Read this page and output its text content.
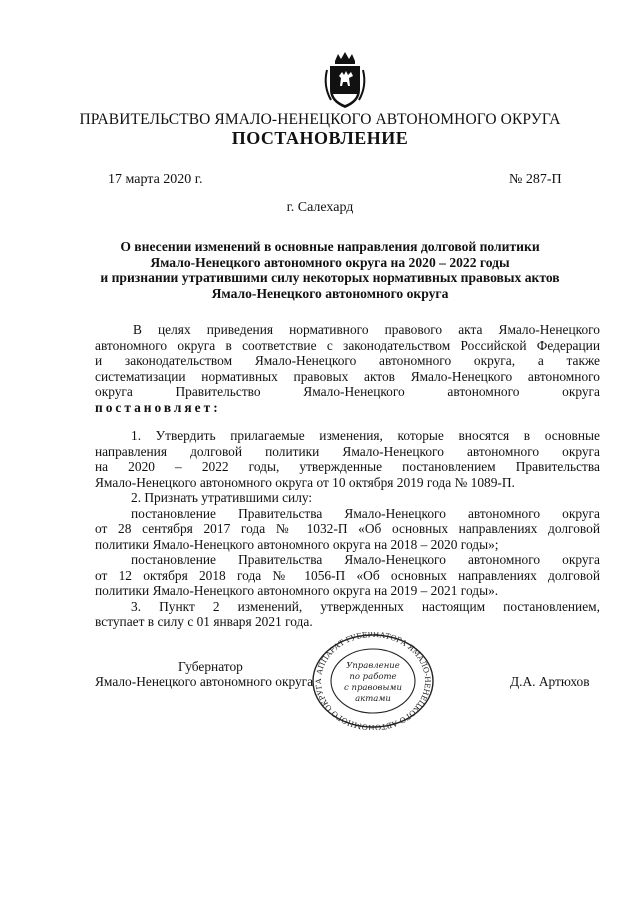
ПРАВИТЕЛЬСТВО ЯМАЛО-НЕНЕЦКОГО АВТОНОМНОГО ОКРУГА
ПОСТАНОВЛЕНИЕ
17 марта 2020 г.	№ 287-П
г. Салехард
О внесении изменений в основные направления долговой политики
Ямало-Ненецкого автономного округа на 2020 – 2022 годы
и признании утратившими силу некоторых нормативных правовых актов
Ямало-Ненецкого автономного округа
В целях приведения нормативного правового акта Ямало-Ненецкого
автономного округа в соответствие с законодательством Российской Федерации
и законодательством Ямало-Ненецкого автономного округа, а также
систематизации нормативных правовых актов Ямало-Ненецкого автономного
округа Правительство Ямало-Ненецкого автономного округа
постановляет:
1. Утвердить прилагаемые изменения, которые вносятся в основные
направления долговой политики Ямало-Ненецкого автономного округа
на 2020 – 2022 годы, утвержденные постановлением Правительства
Ямало-Ненецкого автономного округа от 10 октября 2019 года № 1089-П.
2. Признать утратившими силу:
постановление Правительства Ямало-Ненецкого автономного округа
от 28 сентября 2017 года № 1032-П «Об основных направлениях долговой
политики Ямало-Ненецкого автономного округа на 2018 – 2020 годы»;
постановление Правительства Ямало-Ненецкого автономного округа
от 12 октября 2018 года № 1056-П «Об основных направлениях долговой
политики Ямало-Ненецкого автономного округа на 2019 – 2021 годы».
3. Пункт 2 изменений, утвержденных настоящим постановлением,
вступает в силу с 01 января 2021 года.
Губернатор
Ямало-Ненецкого автономного округа	Д.А. Артюхов
АППАРАТ ГУБЕРНАТОРА ЯМАЛО-НЕНЕЦКОГО АВТОНОМНОГО ОКРУГА
Управление
по работе
с правовыми
актами
